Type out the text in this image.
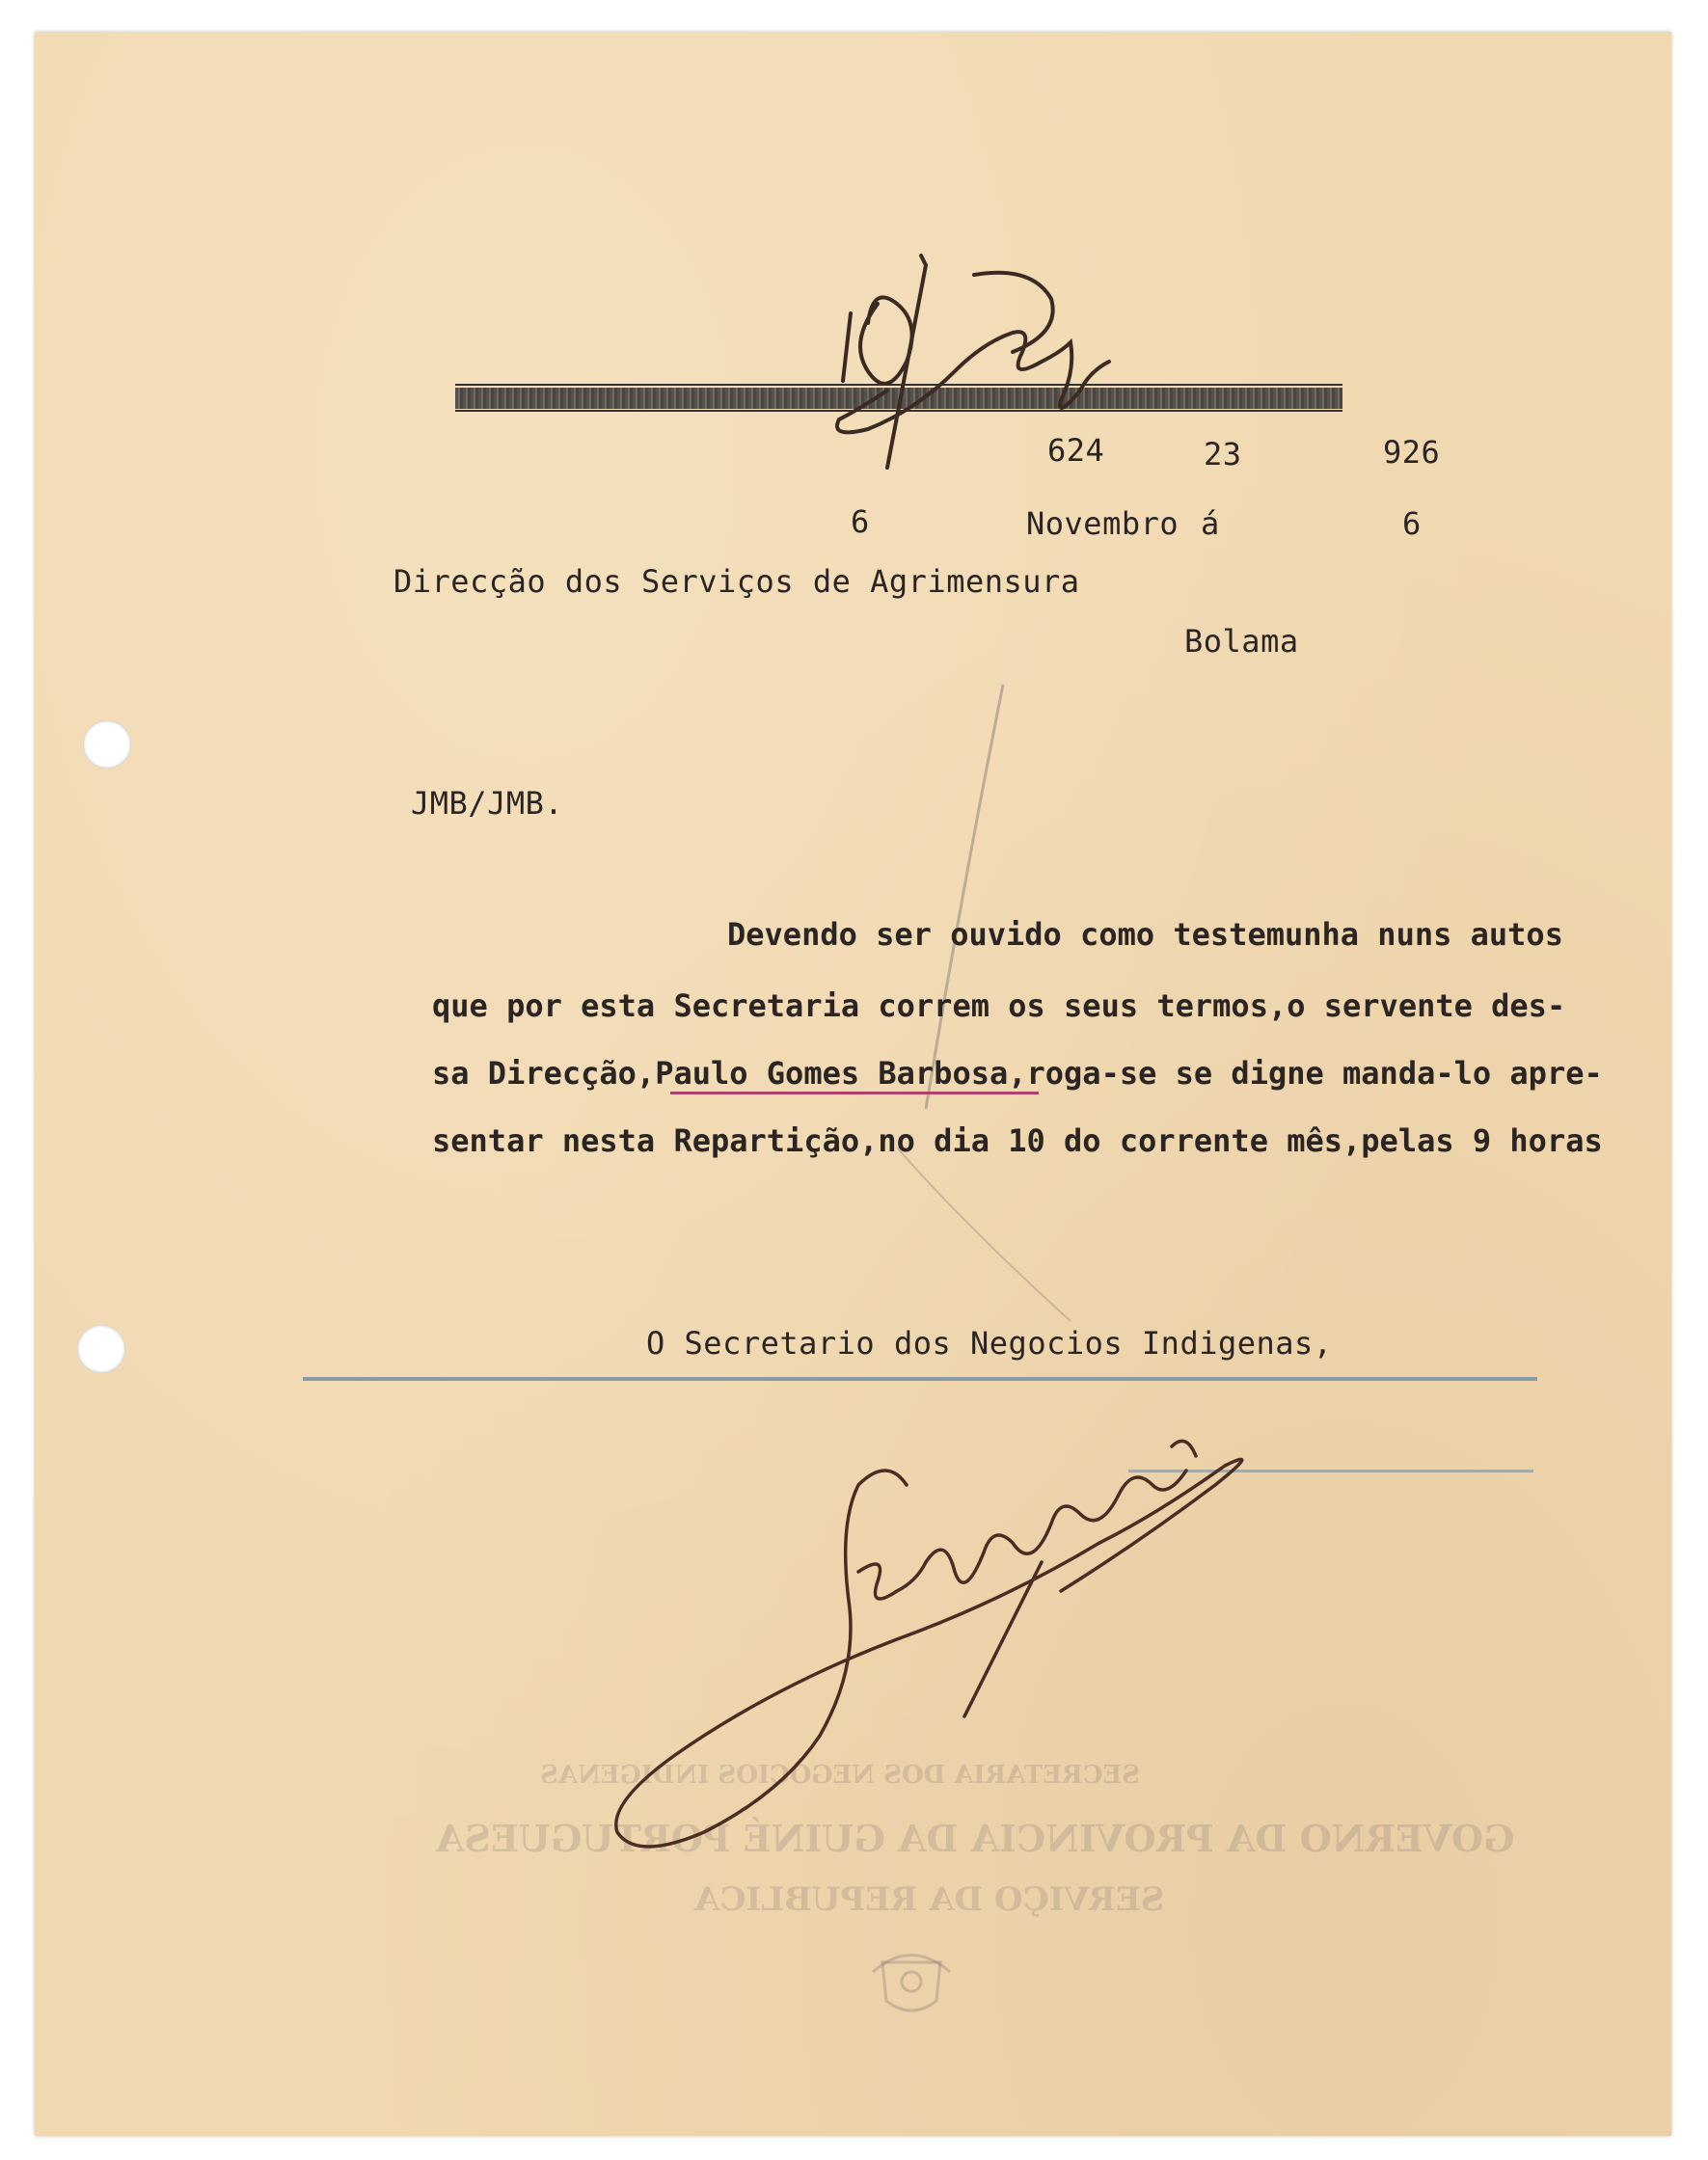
SECRETARIA DOS NEGOCIOS INDIGENAS
GOVERNO DA PROVINCIA DA GUINÉ PORTUGUESA
SERVIÇO DA REPUBLICA
624	23	926
6	Novembro á	6
Direcção dos Serviços de Agrimensura
Bolama
JMB/JMB.
Devendo ser ouvido como testemunha nuns autos
que por esta Secretaria correm os seus termos,o servente des-
sa Direcção,Paulo Gomes Barbosa,roga-se se digne manda-lo apre-
sentar nesta Repartição,no dia 10 do corrente mês,pelas 9 horas
O Secretario dos Negocios Indigenas,
